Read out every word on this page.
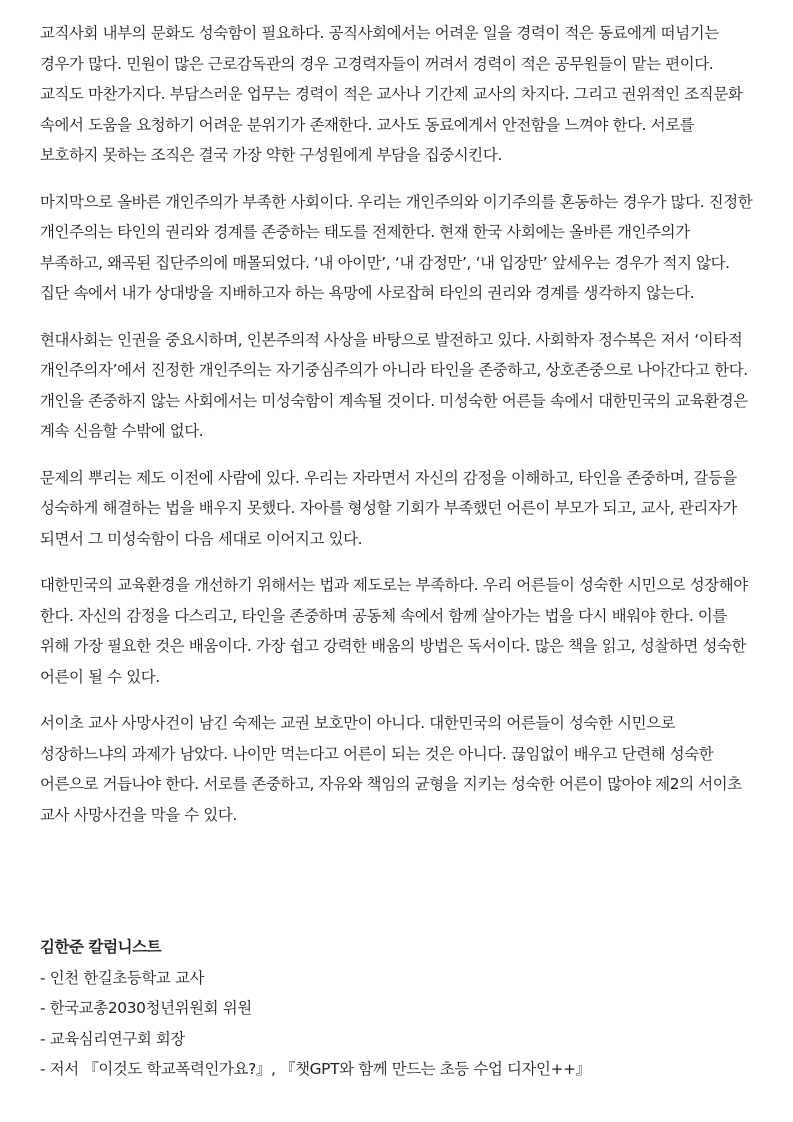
교직사회 내부의 문화도 성숙함이 필요하다. 공직사회에서는 어려운 일을 경력이 적은 동료에게 떠넘기는 경우가 많다. 민원이 많은 근로감독관의 경우 고경력자들이 꺼려서 경력이 적은 공무원들이 맡는 편이다. 교직도 마찬가지다. 부담스러운 업무는 경력이 적은 교사나 기간제 교사의 차지다. 그리고 권위적인 조직문화 속에서 도움을 요청하기 어려운 분위기가 존재한다. 교사도 동료에게서 안전함을 느껴야 한다. 서로를 보호하지 못하는 조직은 결국 가장 약한 구성원에게 부담을 집중시킨다.

마지막으로 올바른 개인주의가 부족한 사회이다. 우리는 개인주의와 이기주의를 혼동하는 경우가 많다. 진정한 개인주의는 타인의 권리와 경계를 존중하는 태도를 전제한다. 현재 한국 사회에는 올바른 개인주의가 부족하고, 왜곡된 집단주의에 매몰되었다. ‘내 아이만’, ‘내 감정만’, ‘내 입장만’ 앞세우는 경우가 적지 않다. 집단 속에서 내가 상대방을 지배하고자 하는 욕망에 사로잡혀 타인의 권리와 경계를 생각하지 않는다.

현대사회는 인권을 중요시하며, 인본주의적 사상을 바탕으로 발전하고 있다. 사회학자 정수복은 저서 ‘이타적 개인주의자’에서 진정한 개인주의는 자기중심주의가 아니라 타인을 존중하고, 상호존중으로 나아간다고 한다. 개인을 존중하지 않는 사회에서는 미성숙함이 계속될 것이다. 미성숙한 어른들 속에서 대한민국의 교육환경은 계속 신음할 수밖에 없다.

문제의 뿌리는 제도 이전에 사람에 있다. 우리는 자라면서 자신의 감정을 이해하고, 타인을 존중하며, 갈등을 성숙하게 해결하는 법을 배우지 못했다. 자아를 형성할 기회가 부족했던 어른이 부모가 되고, 교사, 관리자가 되면서 그 미성숙함이 다음 세대로 이어지고 있다.

대한민국의 교육환경을 개선하기 위해서는 법과 제도로는 부족하다. 우리 어른들이 성숙한 시민으로 성장해야 한다. 자신의 감정을 다스리고, 타인을 존중하며 공동체 속에서 함께 살아가는 법을 다시 배워야 한다. 이를 위해 가장 필요한 것은 배움이다. 가장 쉽고 강력한 배움의 방법은 독서이다. 많은 책을 읽고, 성찰하면 성숙한 어른이 될 수 있다.

서이초 교사 사망사건이 남긴 숙제는 교권 보호만이 아니다. 대한민국의 어른들이 성숙한 시민으로 성장하느냐의 과제가 남았다. 나이만 먹는다고 어른이 되는 것은 아니다. 끊임없이 배우고 단련해 성숙한 어른으로 거듭나야 한다. 서로를 존중하고, 자유와 책임의 균형을 지키는 성숙한 어른이 많아야 제2의 서이초 교사 사망사건을 막을 수 있다.

김한준 칼럼니스트

- 인천 한길초등학교 교사
- 한국교총2030청년위원회 위원
- 교육심리연구회 회장
- 저서 『이것도 학교폭력인가요?』, 『챗GPT와 함께 만드는 초등 수업 디자인++』
